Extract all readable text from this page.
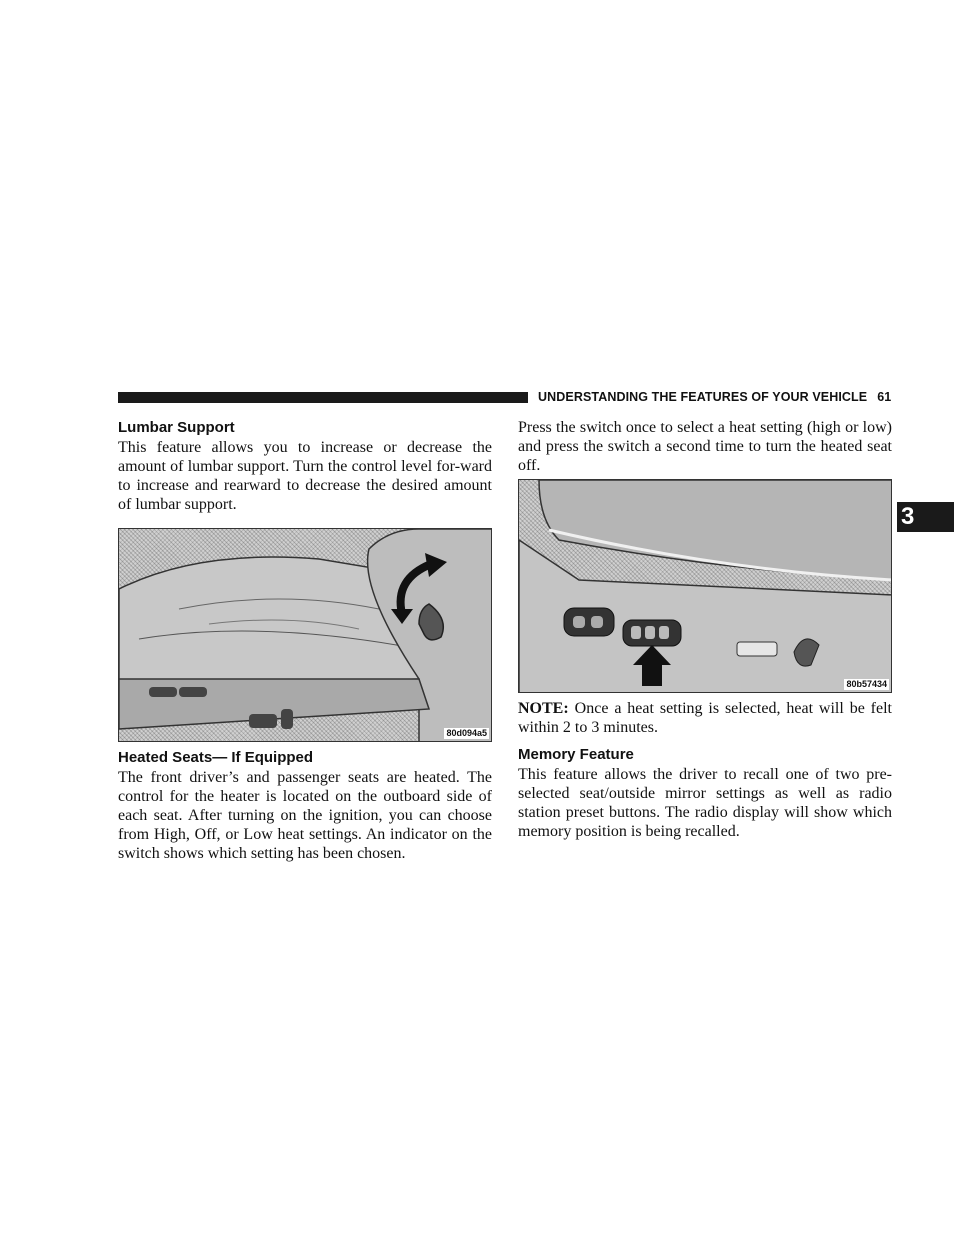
UNDERSTANDING THE FEATURES OF YOUR VEHICLE 61
3
Lumbar Support

This feature allows you to increase or decrease the amount of lumbar support. Turn the control level for-ward to increase and rearward to decrease the desired amount of lumbar support.

80d094a5
Heated Seats— If Equipped

The front driver’s and passenger seats are heated. The control for the heater is located on the outboard side of each seat. After turning on the ignition, you can choose from High, Off, or Low heat settings. An indicator on the switch shows which setting has been chosen.

Press the switch once to select a heat setting (high or low) and press the switch a second time to turn the heated seat off.

80b57434

NOTE: Once a heat setting is selected, heat will be felt within 2 to 3 minutes.

Memory Feature

This feature allows the driver to recall one of two pre-selected seat/outside mirror settings as well as radio station preset buttons. The radio display will show which memory position is being recalled.
